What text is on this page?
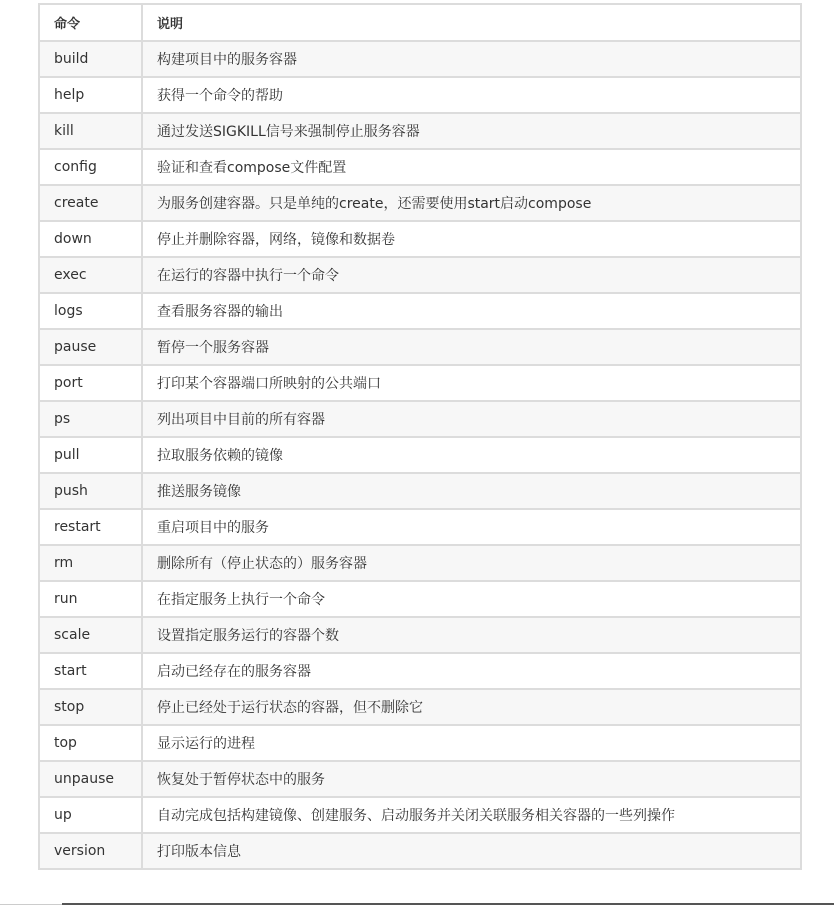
命令	说明
build	构建项目中的服务容器
help	获得一个命令的帮助
kill	通过发送SIGKILL信号来强制停止服务容器
config	验证和查看compose文件配置
create	为服务创建容器。只是单纯的create，还需要使用start启动compose
down	停止并删除容器，网络，镜像和数据卷
exec	在运行的容器中执行一个命令
logs	查看服务容器的输出
pause	暂停一个服务容器
port	打印某个容器端口所映射的公共端口
ps	列出项目中目前的所有容器
pull	拉取服务依赖的镜像
push	推送服务镜像
restart	重启项目中的服务
rm	删除所有（停止状态的）服务容器
run	在指定服务上执行一个命令
scale	设置指定服务运行的容器个数
start	启动已经存在的服务容器
stop	停止已经处于运行状态的容器，但不删除它
top	显示运行的进程
unpause	恢复处于暂停状态中的服务
up	自动完成包括构建镜像、创建服务、启动服务并关闭关联服务相关容器的一些列操作
version	打印版本信息
